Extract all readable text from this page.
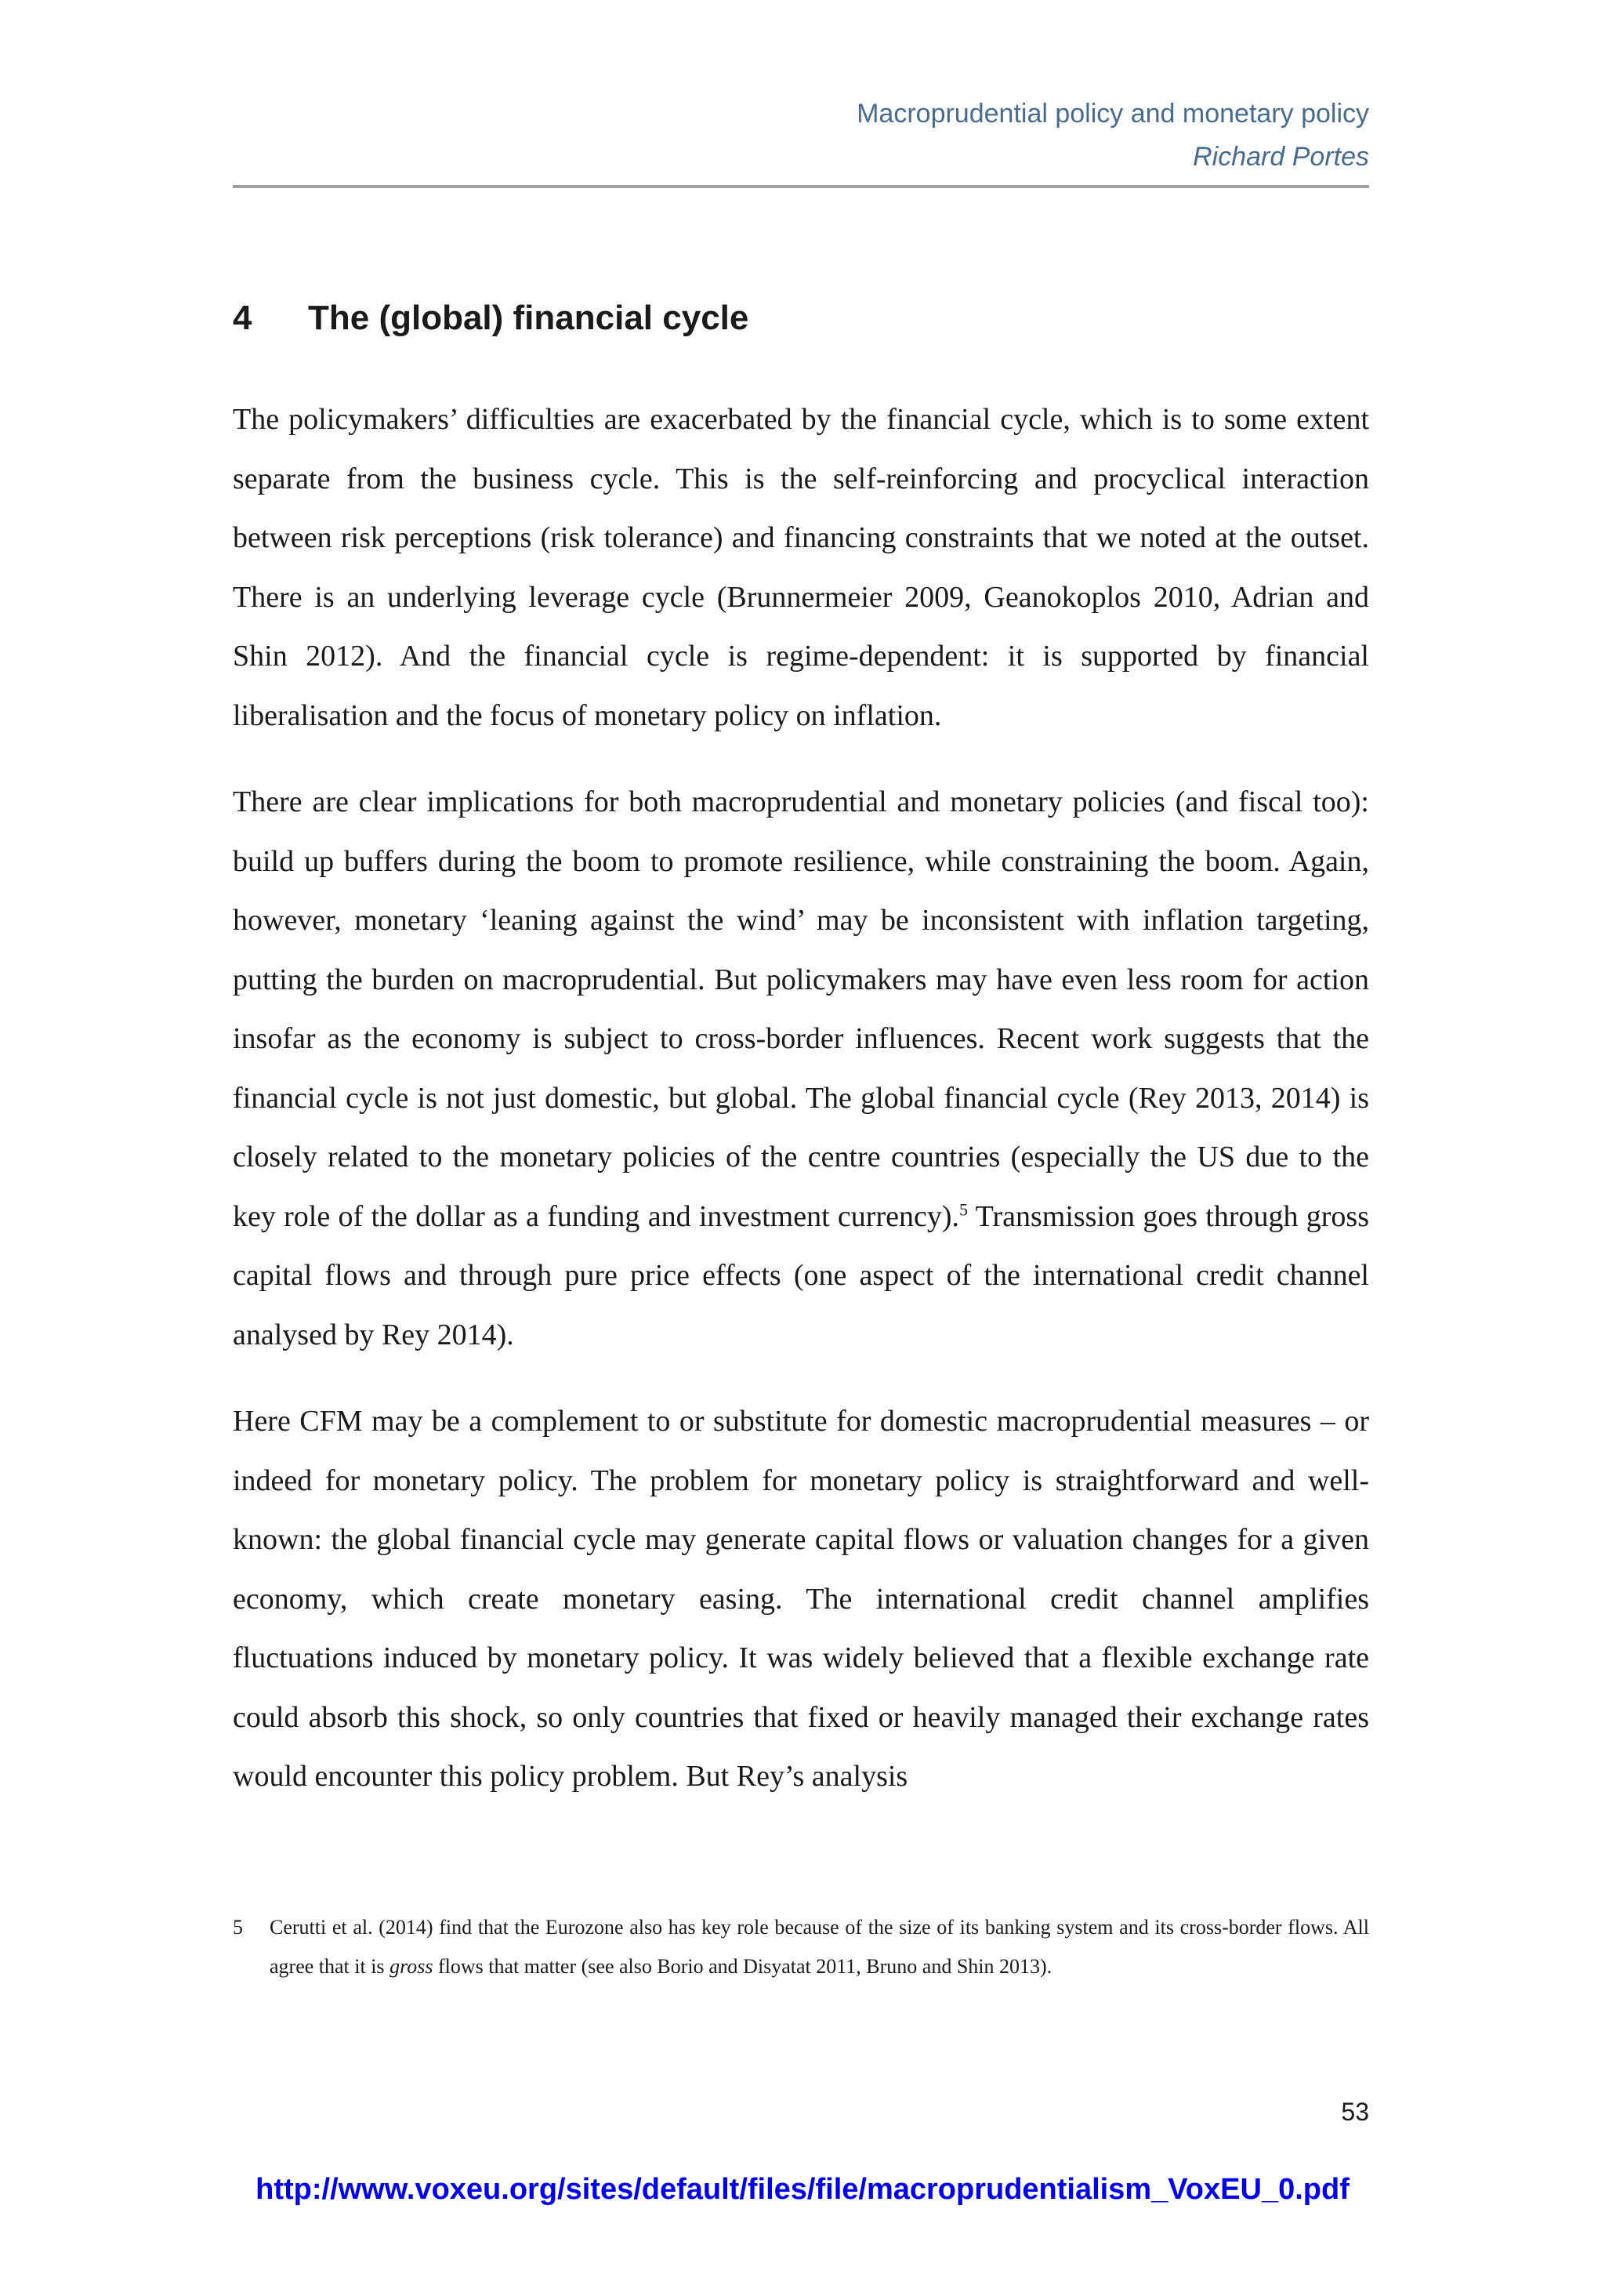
Macroprudential policy and monetary policy
Richard Portes
4 The (global) financial cycle

The policymakers’ difficulties are exacerbated by the financial cycle, which is to some extent separate from the business cycle. This is the self-reinforcing and procyclical interaction between risk perceptions (risk tolerance) and financing constraints that we noted at the outset. There is an underlying leverage cycle (Brunnermeier 2009, Geanokoplos 2010, Adrian and Shin 2012). And the financial cycle is regime-dependent: it is supported by financial liberalisation and the focus of monetary policy on inflation.

There are clear implications for both macroprudential and monetary policies (and fiscal too): build up buffers during the boom to promote resilience, while constraining the boom. Again, however, monetary ‘leaning against the wind’ may be inconsistent with inflation targeting, putting the burden on macroprudential. But policymakers may have even less room for action insofar as the economy is subject to cross-border influences. Recent work suggests that the financial cycle is not just domestic, but global. The global financial cycle (Rey 2013, 2014) is closely related to the monetary policies of the centre countries (especially the US due to the key role of the dollar as a funding and investment currency).$^5$ Transmission goes through gross capital flows and through pure price effects (one aspect of the international credit channel analysed by Rey 2014).

Here CFM may be a complement to or substitute for domestic macroprudential measures – or indeed for monetary policy. The problem for monetary policy is straightforward and well-known: the global financial cycle may generate capital flows or valuation changes for a given economy, which create monetary easing. The international credit channel amplifies fluctuations induced by monetary policy. It was widely believed that a flexible exchange rate could absorb this shock, so only countries that fixed or heavily managed their exchange rates would encounter this policy problem. But Rey’s analysis

5 Cerutti et al. (2014) find that the Eurozone also has key role because of the size of its banking system and its cross-border flows. All agree that it is gross flows that matter (see also Borio and Disyatat 2011, Bruno and Shin 2013).
53
http://www.voxeu.org/sites/default/files/file/macroprudentialism_VoxEU_0.pdf
